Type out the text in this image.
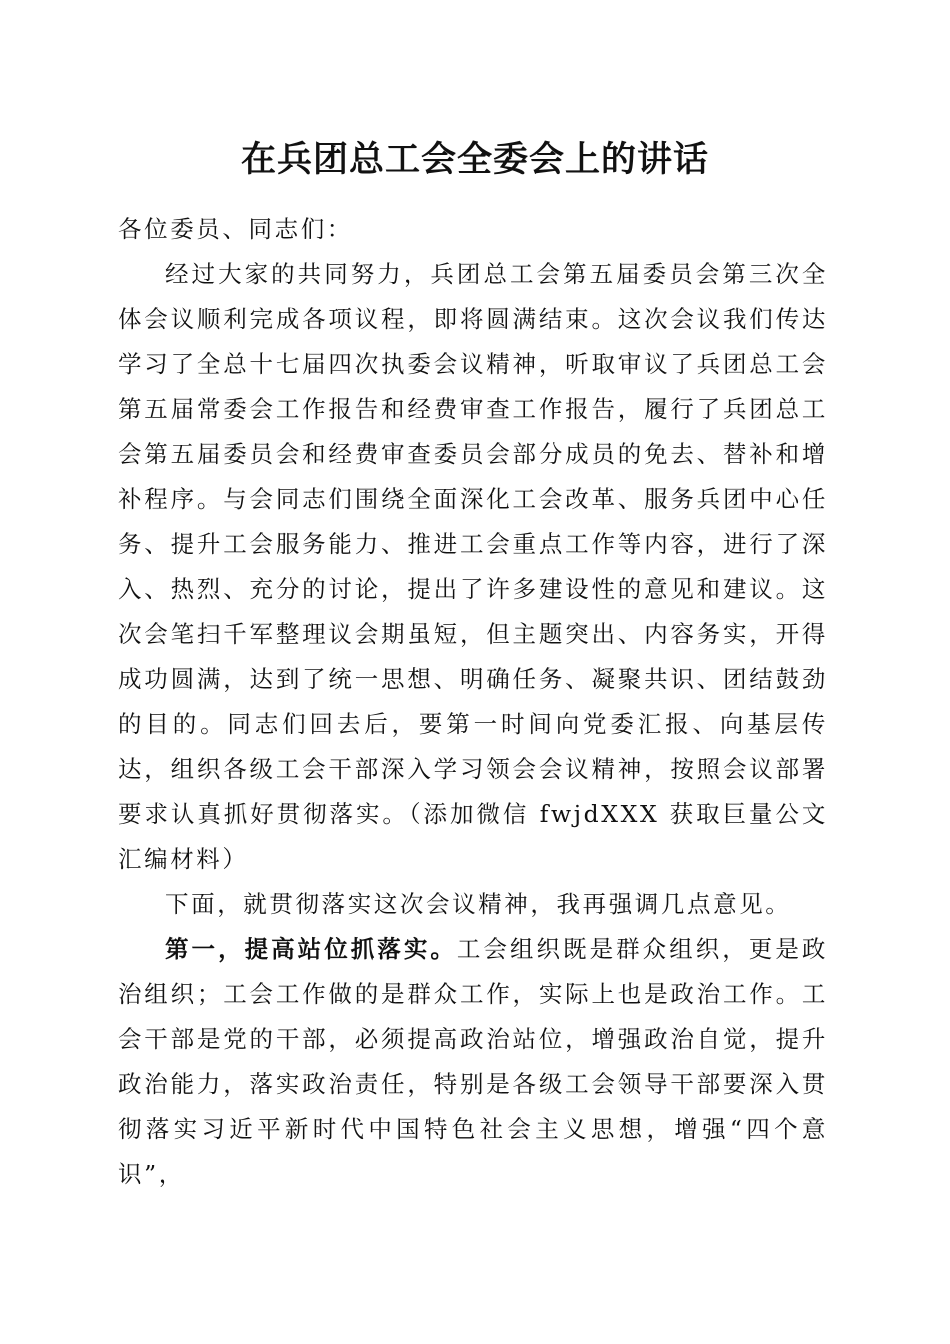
在兵团总工会全委会上的讲话

各位委员、同志们：

经过大家的共同努力，兵团总工会第五届委员会第三次全体会议顺利完成各项议程，即将圆满结束。这次会议我们传达学习了全总十七届四次执委会议精神，听取审议了兵团总工会第五届常委会工作报告和经费审查工作报告，履行了兵团总工会第五届委员会和经费审查委员会部分成员的免去、替补和增补程序。与会同志们围绕全面深化工会改革、服务兵团中心任务、提升工会服务能力、推进工会重点工作等内容，进行了深入、热烈、充分的讨论，提出了许多建设性的意见和建议。这次会笔扫千军整理议会期虽短，但主题突出、内容务实，开得成功圆满，达到了统一思想、明确任务、凝聚共识、团结鼓劲的目的。同志们回去后，要第一时间向党委汇报、向基层传达，组织各级工会干部深入学习领会会议精神，按照会议部署要求认真抓好贯彻落实。（添加微信 fwjdXXX 获取巨量公文汇编材料）

下面，就贯彻落实这次会议精神，我再强调几点意见。

第一，提高站位抓落实。工会组织既是群众组织，更是政治组织；工会工作做的是群众工作，实际上也是政治工作。工会干部是党的干部，必须提高政治站位，增强政治自觉，提升政治能力，落实政治责任，特别是各级工会领导干部要深入贯彻落实习近平新时代中国特色社会主义思想，增强“四个意识”，
